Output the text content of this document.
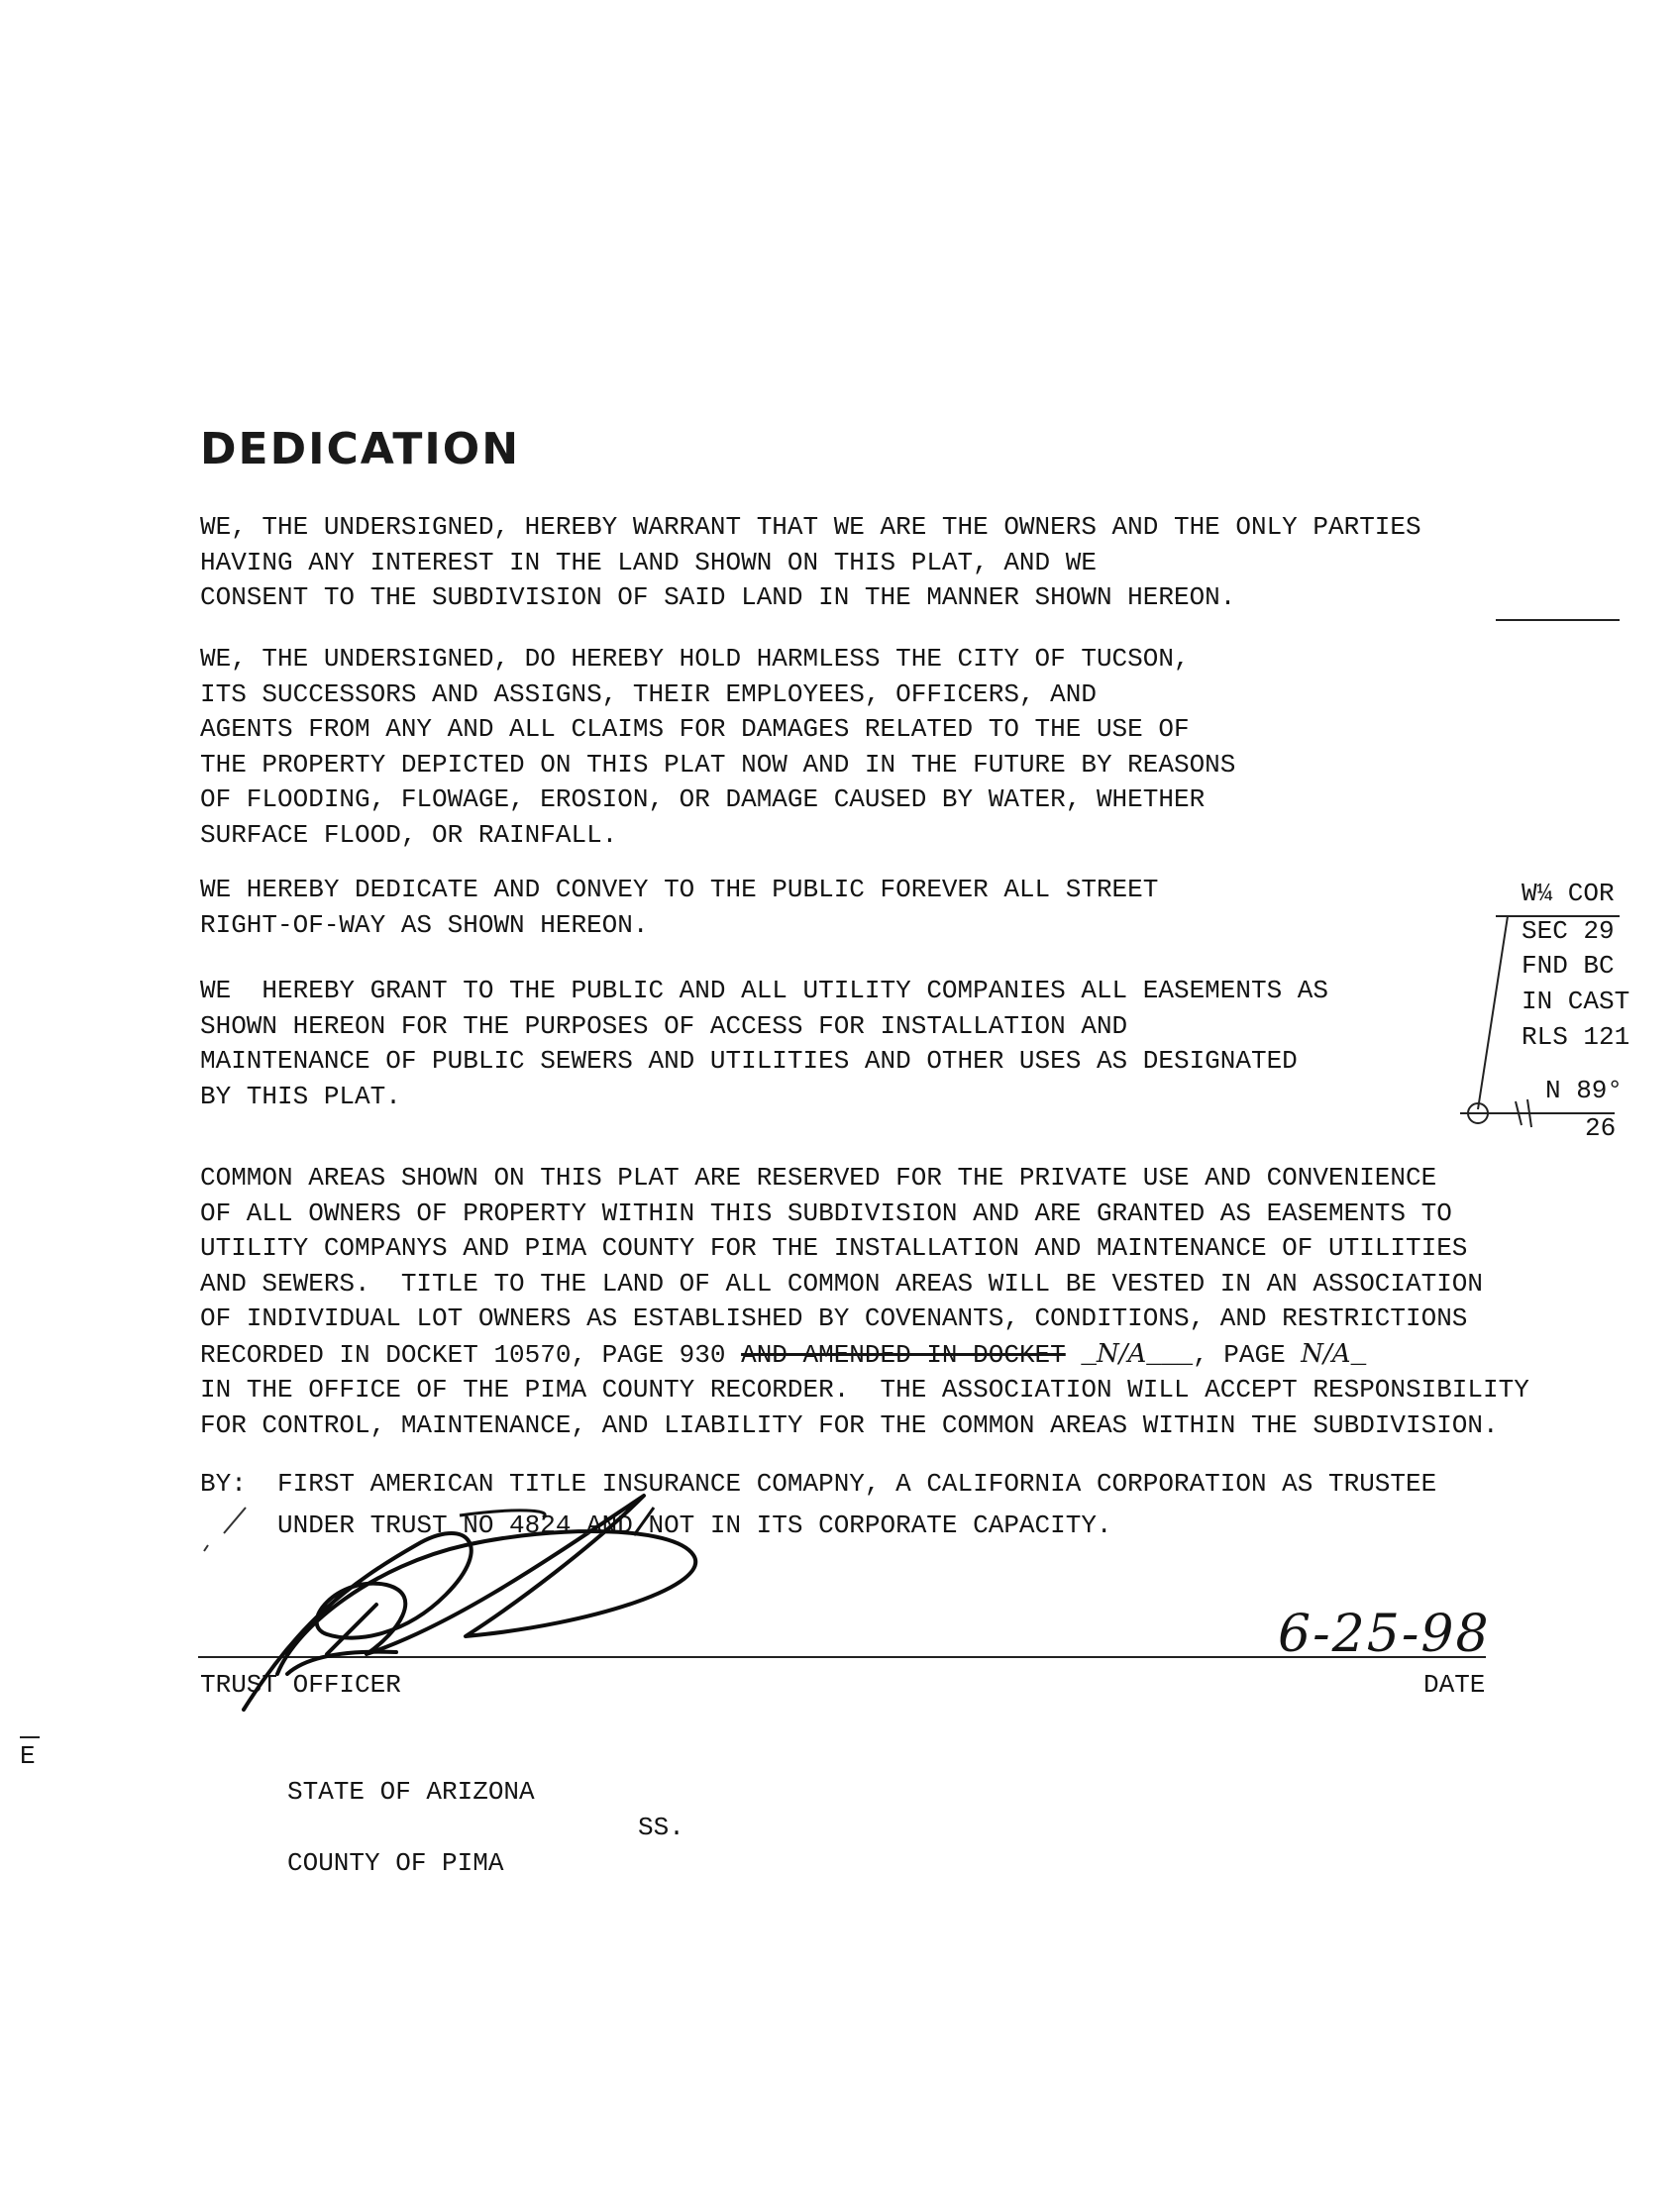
DEDICATION

WE, THE UNDERSIGNED, HEREBY WARRANT THAT WE ARE THE OWNERS AND THE ONLY PARTIES
HAVING ANY INTEREST IN THE LAND SHOWN ON THIS PLAT, AND WE
CONSENT TO THE SUBDIVISION OF SAID LAND IN THE MANNER SHOWN HEREON.

WE, THE UNDERSIGNED, DO HEREBY HOLD HARMLESS THE CITY OF TUCSON,
ITS SUCCESSORS AND ASSIGNS, THEIR EMPLOYEES, OFFICERS, AND
AGENTS FROM ANY AND ALL CLAIMS FOR DAMAGES RELATED TO THE USE OF
THE PROPERTY DEPICTED ON THIS PLAT NOW AND IN THE FUTURE BY REASONS
OF FLOODING, FLOWAGE, EROSION, OR DAMAGE CAUSED BY WATER, WHETHER
SURFACE FLOOD, OR RAINFALL.

WE HEREBY DEDICATE AND CONVEY TO THE PUBLIC FOREVER ALL STREET
RIGHT-OF-WAY AS SHOWN HEREON.

WE  HEREBY GRANT TO THE PUBLIC AND ALL UTILITY COMPANIES ALL EASEMENTS AS
SHOWN HEREON FOR THE PURPOSES OF ACCESS FOR INSTALLATION AND
MAINTENANCE OF PUBLIC SEWERS AND UTILITIES AND OTHER USES AS DESIGNATED
BY THIS PLAT.

COMMON AREAS SHOWN ON THIS PLAT ARE RESERVED FOR THE PRIVATE USE AND CONVENIENCE
OF ALL OWNERS OF PROPERTY WITHIN THIS SUBDIVISION AND ARE GRANTED AS EASEMENTS TO
UTILITY COMPANYS AND PIMA COUNTY FOR THE INSTALLATION AND MAINTENANCE OF UTILITIES
AND SEWERS.  TITLE TO THE LAND OF ALL COMMON AREAS WILL BE VESTED IN AN ASSOCIATION
OF INDIVIDUAL LOT OWNERS AS ESTABLISHED BY COVENANTS, CONDITIONS, AND RESTRICTIONS

RECORDED IN DOCKET 10570, PAGE 930 AND AMENDED IN DOCKET _N/A___, PAGE N/A_

IN THE OFFICE OF THE PIMA COUNTY RECORDER.  THE ASSOCIATION WILL ACCEPT RESPONSIBILITY
FOR CONTROL, MAINTENANCE, AND LIABILITY FOR THE COMMON AREAS WITHIN THE SUBDIVISION.

BY:  FIRST AMERICAN TITLE INSURANCE COMAPNY, A CALIFORNIA CORPORATION AS TRUSTEE

UNDER TRUST NO 4824 AND NOT IN ITS CORPORATE CAPACITY.

6-25-98

TRUST OFFICER	DATE

E

STATE OF ARIZONA

SS.

COUNTY OF PIMA

W¼ COR

SEC 29

FND BC

IN CAST

RLS 121

N 89°

26
